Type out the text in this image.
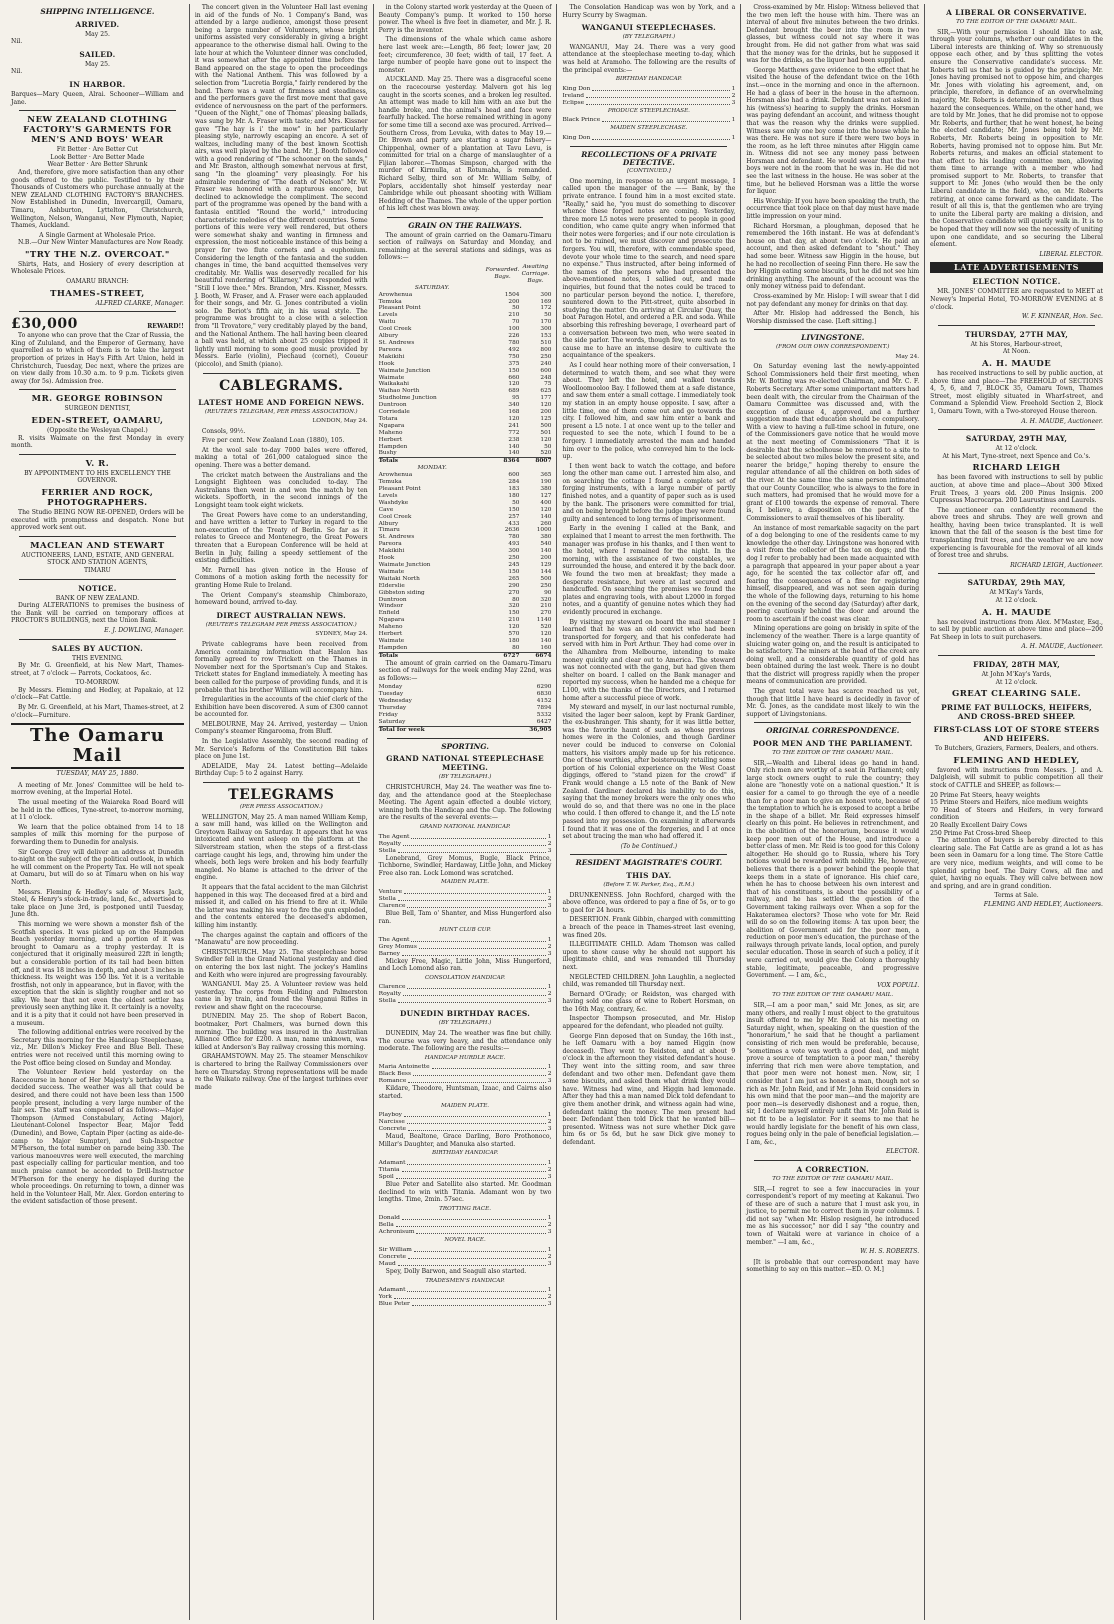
SHIPPING INTELLIGENCE.
ARRIVED.
May 25.
Nil.
SAILED.
May 25.
Nil.
IN HARBOR.
Barques—Mary Queen, Alrai. Schooner—William and Jane.
NEW ZEALAND CLOTHING FACTORY'S GARMENTS FOR MEN'S AND BOYS' WEAR
Fit Better · Are Better Cut
Look Better · Are Better Made
Wear Better · Are Better Shrunk

And, therefore, give more satisfaction than any other goods offered to the public. Testified to by their Thousands of Customers who purchase annually at the NEW ZEALAND CLOTHING FACTORY'S BRANCHES. Now Established in Dunedin, Invercargill, Oamaru, Timaru, Ashburton, Lyttelton, Christchurch, Wellington, Nelson, Wanganui, New Plymouth, Napier, Thames, Auckland.

A Single Garment at Wholesale Price.

N.B.—Our New Winter Manufactures are Now Ready.

"TRY THE N.Z. OVERCOAT."

Shirts, Hats, and Hosiery of every description at Wholesale Prices.

OAMARU BRANCH:
THAMES-STREET,
ALFRED CLARKE, Manager.
£30,000	REWARD!!

To anyone who can prove that the Czar of Russia, the King of Zululand, and the Emperor of Germany, have quarrelled as to which of them is to take the largest proportion of prizes in Hay's Fifth Art Union, held in Christchurch, Tuesday, Dec next, where the prizes are on view daily from 10.30 a.m. to 9 p.m. Tickets given away (for 5s). Admission free.

MR. GEORGE ROBINSON
SURGEON DENTIST,
EDEN-STREET, OAMARU,
(Opposite the Wesleyan Chapel.)

R. visits Waimate on the first Monday in every month.

V. R.
BY APPOINTMENT TO HIS EXCELLENCY THE GOVERNOR.
FERRIER AND ROCK, PHOTOGRAPHERS.

The Studio BEING NOW RE-OPENED, Orders will be executed with promptness and despatch. None but approved work sent out.

MACLEAN AND STEWART
AUCTIONEERS, LAND, ESTATE, AND GENERAL STOCK AND STATION AGENTS,
TIMARU
NOTICE.
BANK OF NEW ZEALAND.

During ALTERATIONS to premises the business of the Bank will be carried on temporary offices at PROCTOR'S BUILDINGS, next the Union Bank.

E. J. DOWLING, Manager.
SALES BY AUCTION.
THIS EVENING.

By Mr. G. Greenfield, at his New Mart, Thames-street, at 7 o'clock — Parrots, Cockatoos, &c.

TO-MORROW.

By Messrs. Fleming and Hedley, at Papakaio, at 12 o'clock—Fat Cattle.

By Mr. G. Greenfield, at his Mart, Thames-street, at 2 o'clock—Furniture.

The Oamaru Mail
TUESDAY, MAY 25, 1880.

A meeting of Mr. Jones' Committee will be held to-morrow evening, at the Imperial Hotel.

The usual meeting of the Waiareka Road Board will be held in the offices, Tyne-street, to-morrow morning, at 11 o'clock.

We learn that the police obtained from 14 to 18 samples of milk this morning for the purpose of forwarding them to Dunedin for analysis.

Sir George Grey will deliver an address at Dunedin to-night on the subject of the political outlook, in which he will comment on the Property Tax. He will not speak at Oamaru, but will do so at Timaru when on his way North.

Messrs. Fleming & Hedley's sale of Messrs Jack, Steel, & Henry's stock-in-trade, land, &c., advertised to take place on June 3rd, is postponed until Tuesday, June 8th.

This morning we were shown a monster fish of the Scotfish species. It was picked up on the Hampden Beach yesterday morning, and a portion of it was brought to Oamaru as a trophy yesterday. It is conjectured that it originally measured 22ft in length; but a considerable portion of its tail had been bitten off, and it was 18 inches in depth, and about 3 inches in thickness. Its weight was 150 lbs. Yet it is a veritable frostfish, not only in appearance, but in flavor, with the exception that the skin is slightly rougher and not so silky. We hear that not even the oldest settler has previously seen anything like it. It certainly is a novelty, and it is a pity that it could not have been preserved in a museum.

The following additional entries were received by the Secretary this morning for the Handicap Steeplechase, viz., Mr. Dillon's Mickey Free and Blue Bell. These entries were not received until this morning owing to the Post office being closed on Sunday and Monday.

The Volunteer Review held yesterday on the Racecourse in honor of Her Majesty's birthday was a decided success. The weather was all that could be desired, and there could not have been less than 1500 people present, including a very large number of the fair sex. The staff was composed of as follows:—Major Thompson (Armed Constabulary, Acting Major), Lieutenant-Colonel Inspector Bear, Major Tedd (Dunedin), and Bowe, Captain Piper (acting as aide-de-camp to Major Sumpter), and Sub-Inspector M'Pherson, the total number on parade being 330. The various manoeuvres were well executed, the marching past especially calling for particular mention, and too much praise cannot be accorded to Drill-Instructor M'Pherson for the energy he displayed during the whole proceedings. On returning to town, a dinner was held in the Volunteer Hall, Mr. Alex. Gordon entering to the evident satisfaction of those present.

The concert given in the Volunteer Hall last evening in aid of the funds of No. 1 Company's Band, was attended by a large audience, amongst those present being a large number of Volunteers, whose bright uniforms assisted very considerably in giving a bright appearance to the otherwise dismal hall. Owing to the late hour at which the Volunteer dinner was concluded, it was somewhat after the appointed time before the Band appeared on the stage to open the proceedings with the National Anthem. This was followed by a selection from "Lucretia Borgia," fairly rendered by the band. There was a want of firmness and steadiness, and the performers gave the first move ment that gave evidence of nervousness on the part of the performers. "Queen of the Night," one of Thomas' pleasing ballads, was sung by Mr. A. Fraser with taste; and Mrs. Kissner gave "The hay is i' the mow" in her particularly pleasing style, narrowly escaping an encore. A set of waltzes, including many of the best known Scottish airs, was well played by the band. Mr. J. Booth followed with a good rendering of "The schooner on the sands," and Mr. Braston, although somewhat nervous at first, sang "In the gloaming" very pleasingly. For his admirable rendering of "The death of Nelson" Mr. W. Fraser was honored with a rapturous encore, but declined to acknowledge the compliment. The second part of the programme was opened by the band with a fantasia entitled "Round the world," introducing characteristic melodies of the different countries. Some portions of this were very well rendered, but others were somewhat shaky and wanting in firmness and expression, the most noticeable instance of this being a prayer for two flute cornets and a euphonium. Considering the length of the fantasia and the sudden changes in time, the band acquitted themselves very creditably. Mr. Wallis was deservedly recalled for his beautiful rendering of "Killarney," and responded with "Still I love thee." Mrs. Brandon, Mrs. Kissner, Messrs. J. Booth, W. Fraser, and A. Fraser were each applauded for their songs, and Mr. G. Jones contributed a violin solo. De Beriot's fifth air, in his usual style. The programme was brought to a close with a selection from "Il Trovatore," very creditably played by the band, and the National Anthem. The hall having been cleared a ball was held, at which about 25 couples tripped it lightly until morning to some good music provided by Messrs. Earle (violin), Piechaud (cornet), Coueur (piccolo), and Smith (piano).

CABLEGRAMS.
LATEST HOME AND FOREIGN NEWS.
(REUTER'S TELEGRAM, PER PRESS ASSOCIATION.)
LONDON, May 24.

Consols, 99½.

Five per cent. New Zealand Loan (1880), 105.

At the wool sale to-day 7000 bales were offered, making a total of 261,000 catalogued since the opening. There was a better demand.

The cricket match between the Australians and the Longsight Eighteen was concluded to-day. The Australians then went in and won the match by ten wickets. Spofforth, in the second innings of the Longsight team took eight wickets.

The Great Powers have come to an understanding, and have written a letter to Turkey in regard to the non-execution of the Treaty of Berlin. So far as it relates to Greece and Montenegro, the Great Powers threaten that a European Conference will be held at Berlin in July, failing a speedy settlement of the existing difficulties.

Mr. Parnell has given notice in the House of Commons of a motion asking forth the necessity for granting Home Rule to Ireland.

The Orient Company's steamship Chimborazo, homeward bound, arrived to-day.

DIRECT AUSTRALIAN NEWS.
(REUTER'S TELEGRAM PER PRESS ASSOCIATION.)
SYDNEY, May 24.

Private cablegrams have been received from America containing information that Hanlon has formally agreed to row Trickett on the Thames in November next for the Sportsman's Cup and Stakes. Trickett states for England immediately. A meeting has been called for the purpose of providing funds, and it is probable that his brother William will accompany him.

Irregularities in the accounts of the chief clerk of the Exhibition have been discovered. A sum of £300 cannot be accounted for.

MELBOURNE, May 24. Arrived, yesterday — Union Company's steamer Ringarooma, from Bluff.

In the Legislative Assembly, the second reading of Mr. Service's Reform of the Constitution Bill takes place on June 1st.

ADELAIDE, May 24. Latest betting—Adelaide Birthday Cup: 5 to 2 against Harry.

TELEGRAMS
(PER PRESS ASSOCIATION.)

WELLINGTON, May 25. A man named William Kemp, a saw mill hand, was killed on the Wellington and Greytown Railway on Saturday. It appears that he was intoxicated and went asleep on the platform at the Silverstream station, when the steps of a first-class carriage caught his legs, and, throwing him under the wheels, both legs were broken and his body fearfully mangled. No blame is attached to the driver of the engine.

It appears that the fatal accident to the man Gilchrist happened in this way. The deceased fired at a bird and missed it, and called on his friend to fire at it. While the latter was making his way to fire the gun exploded, and the contents entered the deceased's abdomen, killing him instantly.

The charges against the captain and officers of the "Manawatu" are now proceeding.

CHRISTCHURCH. May 25. The steeplechase horse Swindler fell in the Grand National yesterday and died on entering the box last night. The jockey's Hamlins and Keith who were injured are progressing favourably.

WANGANUI. May 25. A Volunteer review was held yesterday. The corps from Feilding and Palmerston came in by train, and found the Wanganui Rifles in review and shaw fight on the racecourse.

DUNEDIN. May 25. The shop of Robert Bacon, bootmaker, Port Chalmers, was burned down this morning. The building was insured in the Australian Alliance Office for £200. A man, name unknown, was killed at Anderson's Bay railway crossing this morning.

GRAHAMSTOWN. May 25. The steamer Menschikov is chartered to bring the Railway Commissioners over here on Thursday. Strong representations will be made re the Waikato railway. One of the largest turbines ever made

in the Colony started work yesterday at the Queen of Beauty Company's pump. It worked to 150 horse power. The wheel is five feet in diameter, and Mr. J. R. Perry is the inventor.

The dimensions of the whale which came ashore here last week are:—Length, 86 feet; lower jaw, 20 feet; circumference, 30 feet; width of tail, 17 feet. A large number of people have gone out to inspect the monster.

AUCKLAND. May 25. There was a disgraceful scene on the racecourse yesterday. Malvern got his leg caught in the scorts scenes, and a broken leg resulted. An attempt was made to kill him with an axe but the handle broke, and the animal's head and face were fearfully hacked. The horse remained writhing in agony for some time till a second axe was procured. Arrived—Southern Cross, from Levuka, with dates to May 19.—Dr. Brown and party are starting a sugar fishery—Chippenhal, owner of a plantation at Tavu Levu, is committed for trial on a charge of manslaughter of a Fijian laborer.—Thomas Simpson, charged with the murder of Kirmulla, at Rotumaha, is remanded. Richard Selby, third son of Mr. William Selby, of Poplars, accidentally shot himself yesterday near Cambridge while out pheasant shooting with William Hedding of the Thames. The whole of the upper portion of his left chest was blown away.

GRAIN ON THE RAILWAYS.

The amount of grain carried on the Oamaru-Timaru section of railways on Saturday and Monday, and remaining at the several stations and sidings, was as follows:—

	Forwarded. Bags.	Awaiting Carriage. Bags.
SATURDAY.		
Arowhenua	1504	300
Temuka	200	169
Pleasant Point	50	172
Levels	210	50
Waitu	70	170
Cool Creek	100	300
Albury	226	153
St. Andrews	780	510
Pareora	492	800
Makikihi	750	250
Hook	375	240
Waimate Junction	150	600
Waimate	660	248
Waikakahi	120	75
Waihao North	689	625
Studholme Junction	95	177
Duntroon	340	120
Corriedale	168	200
Totara	120	125
Ngapara	241	500
Maheno	772	501
Herbert	238	120
Hampden	140	50
Bushy	140	520
Totals	8364	8007
MONDAY.		
Arowhenua	600	365
Temuka	284	190
Pleasant Point	183	380
Levels	180	127
Washdyke	50	400
Cave	150	120
Cool Creek	257	140
Albury	433	260
Timaru	2636	1000
St. Andrews	780	380
Pareora	493	540
Makikihi	300	140
Hook	250	200
Waimate Junction	245	129
Waimate	150	144
Waitaki North	265	500
Elderslie	290	250
Gibbston siding	270	90
Duntroon	80	320
Windsor	320	210
Enfield	150	270
Ngapara	210	1140
Maheno	120	520
Herbert	570	120
Waimate	180	140
Hampden	80	160
Totals	6727	6674

The amount of grain carried on the Oamaru-Timaru section of railways for the week ending May 22nd, was as follows:—

Monday	6290
Tuesday	6830
Wednesday	4152
Thursday	7894
Friday	5332
Saturday	6427
Total for week	36,905
SPORTING.
GRAND NATIONAL STEEPLECHASE MEETING.
(BY TELEGRAPH.)

CHRISTCHURCH, May 24. The weather was fine to-day, and the attendance good at the Steeplechase Meeting. The Agent again effected a double victory, winning both the Handicap and the Cup. The following are the results of the several events:—

GRAND NATIONAL HANDICAP.
The Agent	1
Royalty	2
Stella	3

Lonebrand, Grey Momus, Bugle, Black Prince, Tichborne, Swindler, Hardaway, Little John, and Mickey Free also ran. Lock Lomond was scratched.

MAIDEN PLATE.
Venture	1
Stella	2
Clarence	3

Blue Bell, Tam o' Shanter, and Miss Hungerford also ran.

HUNT CLUB CUP.
The Agent	1
Grey Momus	2
Barney	3

Mickey Free, Magic, Little John, Miss Hungerford, and Loch Lomond also ran.

CONSOLATION HANDICAP.
Clarence	1
Royalty	2
Stella	3
DUNEDIN BIRTHDAY RACES.
(BY TELEGRAPH.)

DUNEDIN, May 24. The weather was fine but chilly. The course was very heavy, and the attendance only moderate. The following are the results:—

HANDICAP HURDLE RACE.
Maria Antoinette	1
Black Bess	2
Romance	3

Kildare, Theodore, Huntsman, Izaac, and Cairns also started.

MAIDEN PLATE.
Playboy	1
Narcisse	2
Concrete	3

Maud, Bealtone, Grace Darling, Boro Prothonoco, Millar's Daughter, and Manuka also started.

BIRTHDAY HANDICAP.
Adamant	1
Titania	2
Spoil	3

Blue Peter and Satellite also started. Mr. Goodman declined to win with Titania. Adamant won by two lengths. Time, 2min. 57sec.

TROTTING RACE.
Donald	1
Bella	2
Achronisum	3
NOVEL RACE.
Sir William	1
Concrete	2
Maud	3

Spey, Dolly Barwon, and Seagull also started.

TRADESMEN'S HANDICAP.
Adamant	1
York	2
Blue Peter	3

The Consolation Handicap was won by York, and a Hurry Scurry by Swagman.

WANGANUI STEEPLECHASES.
(BY TELEGRAPH.)

WANGANUI, May 24. There was a very good attendance at the steeplechase meeting to-day, which was held at Aramoho. The following are the results of the principal events:—

BIRTHDAY HANDICAP.
King Don	1
Ireland	2
Eclipse	3
PRODUCE STEEPLECHASE.
Black Prince	1
MAIDEN STEEPLECHASE.
King Don	1
RECOLLECTIONS OF A PRIVATE DETECTIVE.
[CONTINUED.]

One morning, in response to an urgent message, I called upon the manager of the —— Bank, by the private entrance. I found him in a most excited state. "Really," said he, "you must do something to discover whence these forged notes are coming. Yesterday, three more L5 notes were presented to people in good condition, who came quite angry when informed that their notes were forgeries; and if our note circulation is not to be ruined, we must discover and prosecute the forgers. You will, therefore, with commendable speed, devote your whole time to the search, and need spare no expense." Thus instructed, after being informed of the names of the persons who had presented the above-mentioned notes, I sallied out, and made inquiries, but found that the notes could be traced to no particular person beyond the notice. I, therefore, sauntered down to the Pitt-street, quite absorbed in studying the matter. On arriving at Circular Quay, the boat Paragon Hotel, and ordered a P.R. and soda. While absorbing this refreshing beverage, I overheard part of a conversation between two men, who were seated in the side parlor. The words, though few, were such as to cause me to have an intense desire to cultivate the acquaintance of the speakers.

As I could hear nothing more of their conversation, I determined to watch them, and see what they were about. They left the hotel, and walked towards Woolloomooloo Bay. I followed them at a safe distance, and saw them enter a small cottage. I immediately took my station in an empty house opposite. I saw, after a little time, one of them come out and go towards the city. I followed him, and saw him enter a bank and present a L5 note. I at once went up to the teller and requested to see the note, which I found to be a forgery. I immediately arrested the man and handed him over to the police, who conveyed him to the lock-up.

I then went back to watch the cottage, and before long the other man came out. I arrested him also, and on searching the cottage I found a complete set of forging instruments, with a large number of partly finished notes, and a quantity of paper such as is used by the bank. The prisoners were committed for trial, and on being brought before the judge they were found guilty and sentenced to long terms of imprisonment.

Early in the evening I called at the Bank, and explained that I meant to arrest the men forthwith. The manager was profuse in his thanks, and I then went to the hotel, where I remained for the night. In the morning, with the assistance of two constables, we surrounded the house, and entered it by the back door. We found the two men at breakfast; they made a desperate resistance, but were at last secured and handcuffed. On searching the premises we found the plates and engraving tools, with about L2000 in forged notes, and a quantity of genuine notes which they had evidently procured in exchange.

By visiting my steward on board the mail steamer I learned that he was an old convict who had been transported for forgery, and that his confederate had served with him in Port Arthur. They had come over in the Alhambra from Melbourne, intending to make money quickly and clear out to America. The steward was not connected with the gang, but had given them shelter on board. I called on the Bank manager and reported my success, when he handed me a cheque for L100, with the thanks of the Directors, and I returned home after a successful piece of work.

My steward and myself, in our last nocturnal rumble, visited the lager beer saloon, kept by Frank Gardiner, the ex-bushranger. This shanty, for it was little better, was the favorite haunt of such as whose previous homes were in the Colonies, and though Gardiner never could be induced to converse on Colonial matters, his visitors amply made up for his reticence. One of these worthies, after boisterously retailing some portion of his Colonial experience on the West Coast diggings, offered to "stand pizen for the crowd" if Frank would change a L5 note of the Bank of New Zealand. Gardiner declared his inability to do this, saying that the money brokers were the only ones who would do so, and that there was no one in the place who could. I then offered to change it, and the L5 note passed into my possession. On examining it afterwards I found that it was one of the forgeries, and I at once set about tracing the man who had offered it.

(To be Continued.)
RESIDENT MAGISTRATE'S COURT.
THIS DAY.
(Before T. W. Parker, Esq., R.M.)

DRUNKENNESS. John Rochford, charged with the above offence, was ordered to pay a fine of 5s, or to go to gaol for 24 hours.

DESERTION. Frank Gibbin, charged with committing a breach of the peace in Thames-street last evening, was fined 20s.

ILLEGITIMATE CHILD. Adam Thomson was called upon to show cause why he should not support his illegitimate child, and was remanded till Thursday next.

NEGLECTED CHILDREN. John Laughlin, a neglected child, was remanded till Thursday next.

Bernard O'Grady; or Reidston, was charged with having sold one glass of wine to Robert Horsman, on the 16th May, contrary, &c.

Inspector Thompson prosecuted, and Mr. Hislop appeared for the defendant, who pleaded not guilty.

George Finn deposed that on Sunday, the 16th inst., he left Oamaru with a boy named Higgin (now deceased). They went to Reidston, and at about 9 o'clock in the afternoon they visited defendant's house. They went into the sitting room, and saw three defendant and two other men. Defendant gave them some biscuits, and asked them what drink they would have. Witness had wine, and Higgin had lemonade. After they had this a man named Dick told defendant to give them another drink, and witness again had wine, defendant taking the money. The men present had beer. Defendant then told Dick that he wanted bill—presented. Witness was not sure whether Dick gave him 6s or 5s 6d, but he saw Dick give money to defendant.

Cross-examined by Mr. Hislop: Witness believed that the two men left the house with him. There was an interval of about five minutes between the two drinks. Defendant brought the beer into the room in two glasses, but witness could not say where it was brought from. He did not gather from what was said that the money was for the drinks, but he supposed it was for the drinks, as the liquor had been supplied.

George Matthews gave evidence to the effect that he visited the house of the defendant twice on the 16th inst.—once in the morning and once in the afternoon. He had a glass of beer in the house in the afternoon. Horsman also had a drink. Defendant was not asked in his (witness's) hearing to supply the drinks. Horsman was paying defendant an account, and witness thought that was the reason why the drinks were supplied. Witness saw only one boy come into the house while he was there. He was not sure if there were two boys in the room, as he left three minutes after Higgin came in. Witness did not see any money pass between Horsman and defendant. He would swear that the two boys were not in the room that he was in. He did not see the last witness in the house. He was sober at the time, but he believed Horsman was a little the worse for liquor.

His Worship: If you have been speaking the truth, the occurrence that took place on that day must have made little impression on your mind.

Richard Horsman, a ploughman, deposed that he remembered the 16th instant. He was at defendant's house on that day, at about two o'clock. He paid an account, and then asked defendant to "shout." They had some beer. Witness saw Higgin in the house, but he had no recollection of seeing Finn there. He saw the boy Higgin eating some biscuits, but he did not see him drinking anything. The amount of the account was the only money witness paid to defendant.

Cross-examined by Mr. Hislop: I will swear that I did not pay defendant any money for drinks on that day.

After Mr. Hislop had addressed the Bench, his Worship dismissed the case. [Left sitting.]

LIVINGSTONE.
(FROM OUR OWN CORRESPONDENT.)
May 24.

On Saturday evening last the newly-appointed School Commissioners held their first meeting, when Mr. W. Botting was re-elected Chairman, and Mr. C. F. Roberts Secretary. After some unimportant matters had been dealt with, the circular from the Chairman of the Oamaru Committee was discussed and, with the exception of clause 4, approved, and a further suggestion made that education should be compulsory. With a view to having a full-time school in future, one of the Commissioners gave notice that he would move at the next meeting of Commissioners "That it is desirable that the schoolhouse be removed to a site to be selected about two miles below the present site, and nearer the bridge," hoping thereby to ensure the regular attendance of all the children on both sides of the river. At the same time the same person intimated that our County Councillor, who is always to the fore in such matters, had promised that he would move for a grant of £100 towards the expense of removal. There is, I believe, a disposition on the part of the Commissioners to avail themselves of his liberality.

An instance of most remarkable sagacity on the part of a dog belonging to one of the residents came to my knowledge the other day. Livingstone was honored with a visit from the collector of the tax on dogs; and the dog I refer to probably had been made acquainted with a paragraph that appeared in your paper about a year ago, for he scented the tax collector afar off, and fearing the consequences of a fine for registering himself, disappeared, and was not seen again during the whole of the following days, returning to his home on the evening of the second day (Saturday) after dark, peering cautiously behind the door and around the room to ascertain if the coast was clear.

Mining operations are going on briskly in spite of the inclemency of the weather. There is a large quantity of sluicing water going on, and the result is anticipated to be satisfactory. The miners at the head of the creek are doing well, and a considerable quantity of gold has been obtained during the last week. There is no doubt that the district will progress rapidly when the proper means of communication are provided.

The great total wave has scarce reached us yet, though that little I have heard is decidedly in favor of Mr. G. Jones, as the candidate most likely to win the support of Livingstonians.

ORIGINAL CORRESPONDENCE.
POOR MEN AND THE PARLIAMENT.
TO THE EDITOR OF THE OAMARU MAIL.

SIR,—Wealth and Liberal ideas go hand in hand. Only rich men are worthy of a seat in Parliament; only large stock owners ought to rule the country; they alone are "honestly vote on a national question." It is easier for a camel to go through the eye of a needle than for a poor man to give an honest vote, because of the temptation to which he is exposed to accept a bribe in the shape of a billet. Mr. Reid expresses himself clearly on this point. He believes in retrenchment, and in the abolition of the honorarium, because it would keep poor men out of the House, and introduce a better class of men. Mr. Reid is too good for this Colony altogether. He should go to Russia, where his Tory notions would be rewarded with nobility. He, however, believes that there is a power behind the people that keeps them in a state of ignorance. His chief care, when he has to choose between his own interest and that of his constituents, is about the possibility of a railway, and he has settled the question of the Government taking railways over. When a sop for the Hakateramea electors? Those who vote for Mr. Reid will do so on the following items: A tax upon beer, the abolition of Government aid for the poor men, a reduction on poor men's education, the purchase of the railways through private lands, local option, and purely secular education. Those in search of such a policy, if it were carried out, would give the Colony a thoroughly stable, legitimate, peaceable, and progressive Government. — I am, &c.,

VOX POPULI.
TO THE EDITOR OF THE OAMARU MAIL.

SIR,—I am a poor man," said Mr. Jones, as sir, are many others, and really I must object to the gratuitous insult offered to me by Mr. Reid at his meeting on Saturday night, when, speaking on the question of the "honorarium," he said that he thought a parliament consisting of rich men would be preferable, because, "sometimes a vote was worth a good deal, and might prove a source of temptation to a poor man," thereby inferring that rich men were above temptation, and that poor men were not honest men. Now, sir, I consider that I am just as honest a man, though not so rich as Mr. John Reid, and if Mr. John Reid considers in his own mind that the poor man—and the majority are poor men—is deservedly dishonest and a rogue, then, sir, I declare myself entirely unfit that Mr. John Reid is not fit to be a legislator. For it seems to me that he would hardly legislate for the benefit of his own class, rogues being only in the pale of beneficial legislation.—I am, &c.,

ELECTOR.
A CORRECTION.
TO THE EDITOR OF THE OAMARU MAIL.

SIR,—I regret to see a few inaccuracies in your correspondent's report of my meeting at Kakanui. Two of these are of such a nature that I must ask you, in justice, to permit me to correct them in your columns. I did not say "when Mr. Hislop resigned, he introduced me as his successor," nor did I say "the country and town of Waitaki were at variance in choice of a member." —I am, &c.,

W. H. S. ROBERTS.

[It is probable that our correspondent may have something to say on this matter.—ED. O. M.]

A LIBERAL OR CONSERVATIVE.
TO THE EDITOR OF THE OAMARU MAIL.

SIR,—With your permission I should like to ask, through your columns, whether our candidates in the Liberal interests are thinking of. Why so strenuously oppose each other, and by thus splitting the votes ensure the Conservative candidate's success. Mr. Roberts tell us that he is guided by the principle; Mr. Jones having promised not to oppose him, and charges Mr. Jones with violating his agreement, and, on principle, therefore, in defiance of an overwhelming majority, Mr. Roberts is determined to stand, and thus hazard the consequences. While, on the other hand, we are told by Mr. Jones, that he did promise not to oppose Mr. Roberts, and further, that he went honest, he being the elected candidate; Mr. Jones being told by Mr. Roberts, Mr. Roberts being in opposition to Mr. Roberts, having promised not to oppose him. But Mr. Roberts returns, and makes an official statement to that effect to his leading committee men, allowing them time to arrange with a member who had promised support to Mr. Roberts, to transfer that support to Mr. Jones (who would then be the only Liberal candidate in the field), who, on Mr. Roberts retiring, at once came forward as the candidate. The result of all this is, that the gentlemen who are trying to unite the Liberal party are making a division, and the Conservative candidate will quietly walk in. It is to be hoped that they will now see the necessity of uniting upon one candidate, and so securing the Liberal element.

LIBERAL ELECTOR.
LATE ADVERTISEMENTS
ELECTION NOTICE.

MR. JONES' COMMITTEE are requested to MEET at Newey's Imperial Hotel, TO-MORROW EVENING at 8 o'clock.

W. F. KINNEAR, Hon. Sec.
THURSDAY, 27TH MAY,
At his Stores, Harbour-street,
At Noon.
A. H. MAUDE

has received instructions to sell by public auction, at above time and place—The FREEHOLD of SECTIONS 4, 5, 6, and 7, BLOCK 35, Oamaru Town, Thames Street, most eligibly situated in Wharf-street, and Command a Splendid View. Freehold Section 2, Block 1, Oamaru Town, with a Two-storeyed House thereon.

A. H. MAUDE, Auctioneer.
SATURDAY, 29TH MAY,
At 12 o'clock.
At his Mart, Tyne-street, next Spence and Co.'s.
RICHARD LEIGH

has been favored with instructions to sell by public auction, at above time and place—About 300 Mixed Fruit Trees, 3 years old. 200 Pinus Insignis. 200 Cupressus Macrocarpa. 200 Laurustinus and Laurels.

The auctioneer can confidently recommend the above trees and shrubs. They are well grown and healthy, having been twice transplanted. It is well known that the fall of the season is the best time for transplanting fruit trees, and the weather we are now experiencing is favourable for the removal of all kinds of forest tree and shrubs.

RICHARD LEIGH, Auctioneer.
SATURDAY, 29th MAY,
At M'Kay's Yards,
At 12 o'clock.
A. H. MAUDE

has received instructions from Alex. M'Master, Esq., to sell by public auction at above time and place—200 Fat Sheep in lots to suit purchasers.

A. H. MAUDE, Auctioneer.
FRIDAY, 28TH MAY,
At John M'Kay's Yards,
At 12 o'clock.
GREAT CLEARING SALE.
PRIME FAT BULLOCKS, HEIFERS, AND CROSS-BRED SHEEP.
FIRST-CLASS LOT OF STORE STEERS AND HEIFERS.
To Butchers, Graziers, Farmers, Dealers, and others.
FLEMING AND HEDLEY,

favored with instructions from Messrs. J. and A. Dalgleish, will submit to public competition all their stock of CATTLE and SHEEP, as follows:—

20 Prime Fat Steers, heavy weights
15 Prime Steers and Heifers, nice medium weights
70 Head of Steers and Heifers, in very forward condition
20 Really Excellent Dairy Cows
250 Prime Fat Cross-bred Sheep

The attention of buyers is hereby directed to this clearing sale. The Fat Cattle are as grand a lot as has been seen in Oamaru for a long time. The Store Cattle are very nice, medium weights, and will come to be splendid spring beef. The Dairy Cows, all fine and quiet, having no equals. They will calve between now and spring, and are in grand condition.

Terms at Sale.
FLEMING AND HEDLEY, Auctioneers.
